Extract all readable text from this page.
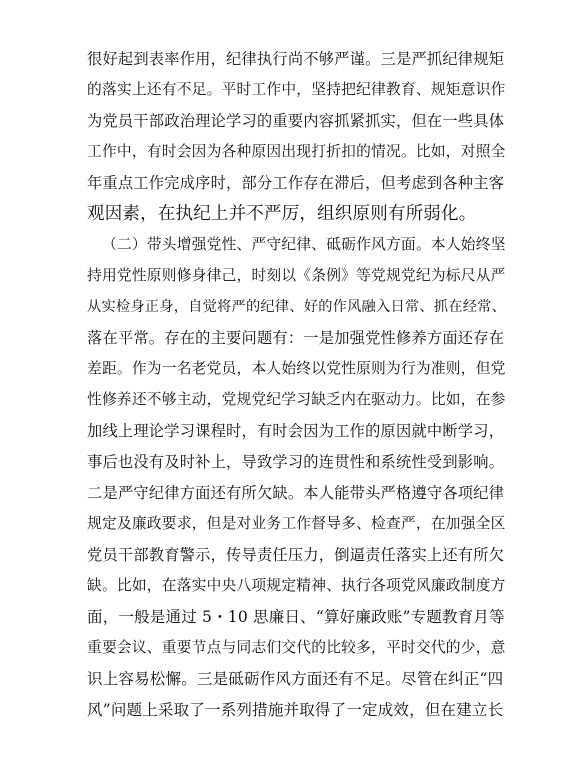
很好起到表率作用，纪律执行尚不够严谨。三是严抓纪律规矩
的落实上还有不足。平时工作中，坚持把纪律教育、规矩意识作
为党员干部政治理论学习的重要内容抓紧抓实，但在一些具体
工作中，有时会因为各种原因出现打折扣的情况。比如，对照全
年重点工作完成序时，部分工作存在滞后，但考虑到各种主客
观因素，在执纪上并不严厉，组织原则有所弱化。
（二）带头增强党性、严守纪律、砥砺作风方面。本人始终坚
持用党性原则修身律己，时刻以《条例》等党规党纪为标尺从严
从实检身正身，自觉将严的纪律、好的作风融入日常、抓在经常、
落在平常。存在的主要问题有：一是加强党性修养方面还存在
差距。作为一名老党员，本人始终以党性原则为行为准则，但党
性修养还不够主动，党规党纪学习缺乏内在驱动力。比如，在参
加线上理论学习课程时，有时会因为工作的原因就中断学习，
事后也没有及时补上，导致学习的连贯性和系统性受到影响。
二是严守纪律方面还有所欠缺。本人能带头严格遵守各项纪律
规定及廉政要求，但是对业务工作督导多、检查严，在加强全区
党员干部教育警示，传导责任压力，倒逼责任落实上还有所欠
缺。比如，在落实中央八项规定精神、执行各项党风廉政制度方
面，一般是通过 5・10 思廉日、“算好廉政账”专题教育月等
重要会议、重要节点与同志们交代的比较多，平时交代的少，意
识上容易松懈。三是砥砺作风方面还有不足。尽管在纠正“四
风”问题上采取了一系列措施并取得了一定成效，但在建立长
